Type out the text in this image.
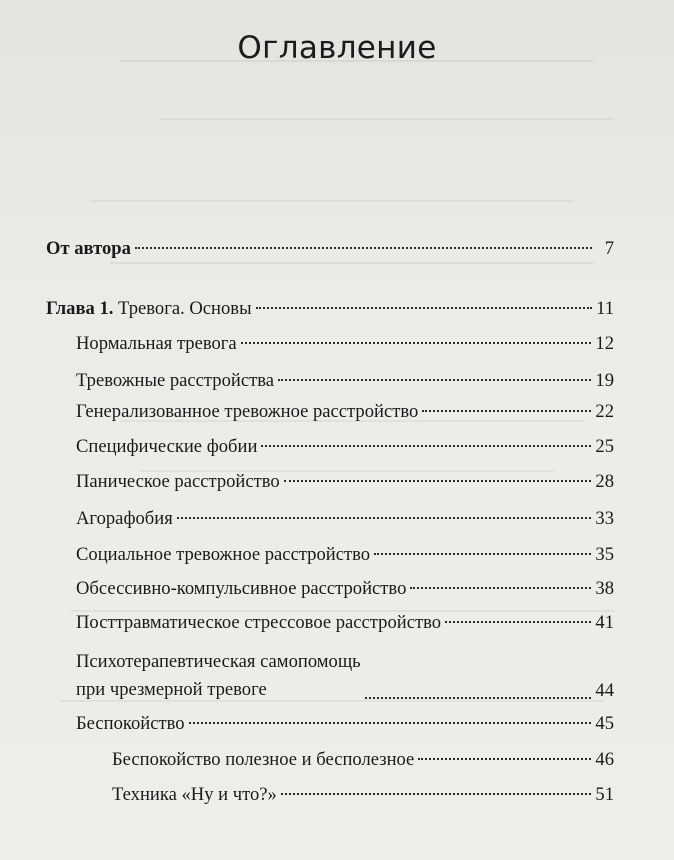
Оглавление
От автора	7
Глава 1. Тревога. Основы	11
Нормальная тревога	12
Тревожные расстройства	19
Генерализованное тревожное расстройство	22
Специфические фобии	25
Паническое расстройство	28
Агорафобия	33
Социальное тревожное расстройство	35
Обсессивно-компульсивное расстройство	38
Посттравматическое стрессовое расстройство	41
Психотерапевтическая самопомощь
при чрезмерной тревоге	44
Беспокойство	45
Беспокойство полезное и бесполезное	46
Техника «Ну и что?»	51
